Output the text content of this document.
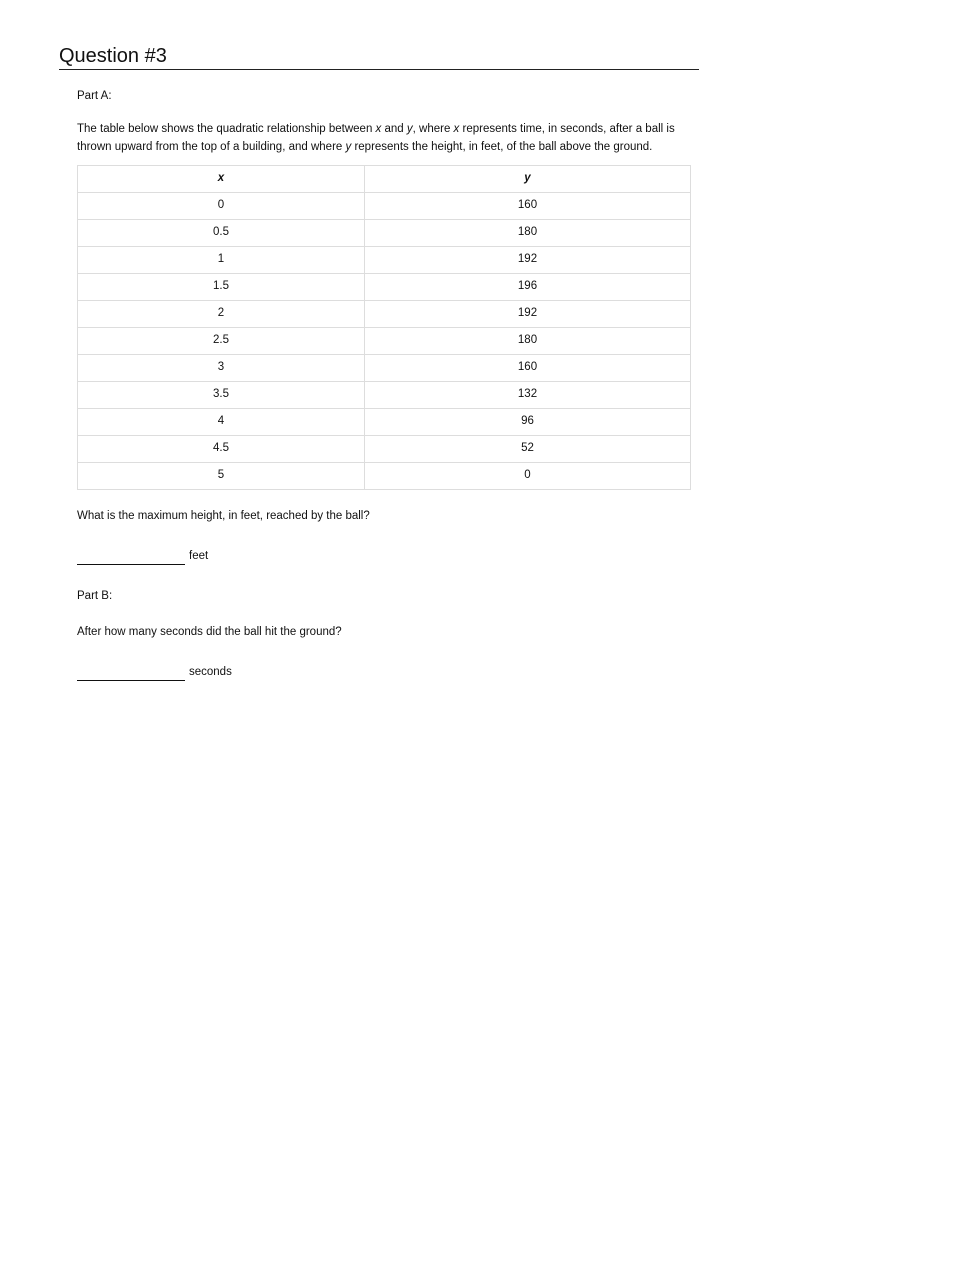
Question #3

Part A:

The table below shows the quadratic relationship between x and y, where x represents time, in seconds, after a ball is thrown upward from the top of a building, and where y represents the height, in feet, of the ball above the ground.

x	y
0	160
0.5	180
1	192
1.5	196
2	192
2.5	180
3	160
3.5	132
4	96
4.5	52
5	0

What is the maximum height, in feet, reached by the ball?

feet

Part B:

After how many seconds did the ball hit the ground?

seconds
